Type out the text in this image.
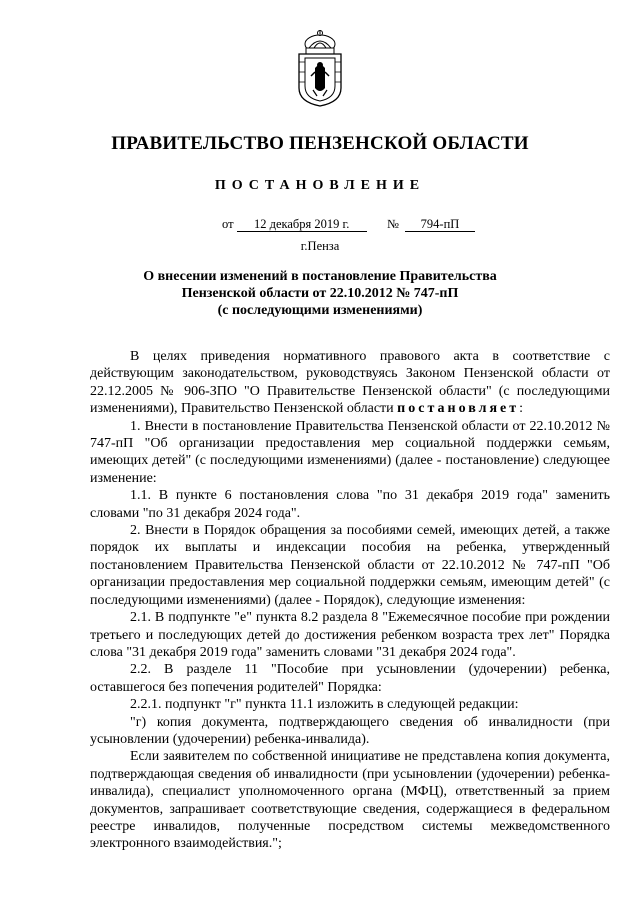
ПРАВИТЕЛЬСТВО ПЕНЗЕНСКОЙ ОБЛАСТИ
ПОСТАНОВЛЕНИЕ
от 12 декабря 2019 г.	№ 794-пП
г.Пенза
О внесении изменений в постановление Правительства
Пензенской области от 22.10.2012 № 747-пП
(с последующими изменениями)

В целях приведения нормативного правового акта в соответствие с действующим законодательством, руководствуясь Законом Пензенской области от 22.12.2005 № 906-ЗПО "О Правительстве Пензенской области" (с последующими изменениями), Правительство Пензенской области постановляет:

1. Внести в постановление Правительства Пензенской области от 22.10.2012 № 747-пП "Об организации предоставления мер социальной поддержки семьям, имеющих детей" (с последующими изменениями) (далее - постановление) следующее изменение:

1.1. В пункте 6 постановления слова "по 31 декабря 2019 года" заменить словами "по 31 декабря 2024 года".

2. Внести в Порядок обращения за пособиями семей, имеющих детей, а также порядок их выплаты и индексации пособия на ребенка, утвержденный постановлением Правительства Пензенской области от 22.10.2012 № 747-пП "Об организации предоставления мер социальной поддержки семьям, имеющим детей" (с последующими изменениями) (далее - Порядок), следующие изменения:

2.1. В подпункте "е" пункта 8.2 раздела 8 "Ежемесячное пособие при рождении третьего и последующих детей до достижения ребенком возраста трех лет" Порядка слова "31 декабря 2019 года" заменить словами "31 декабря 2024 года".

2.2. В разделе 11 "Пособие при усыновлении (удочерении) ребенка, оставшегося без попечения родителей" Порядка:

2.2.1. подпункт "г" пункта 11.1 изложить в следующей редакции:

"г) копия документа, подтверждающего сведения об инвалидности (при усыновлении (удочерении) ребенка-инвалида).

Если заявителем по собственной инициативе не представлена копия документа, подтверждающая сведения об инвалидности (при усыновлении (удочерении) ребенка-инвалида), специалист уполномоченного органа (МФЦ), ответственный за прием документов, запрашивает соответствующие сведения, содержащиеся в федеральном реестре инвалидов, полученные посредством системы межведомственного электронного взаимодействия.";
